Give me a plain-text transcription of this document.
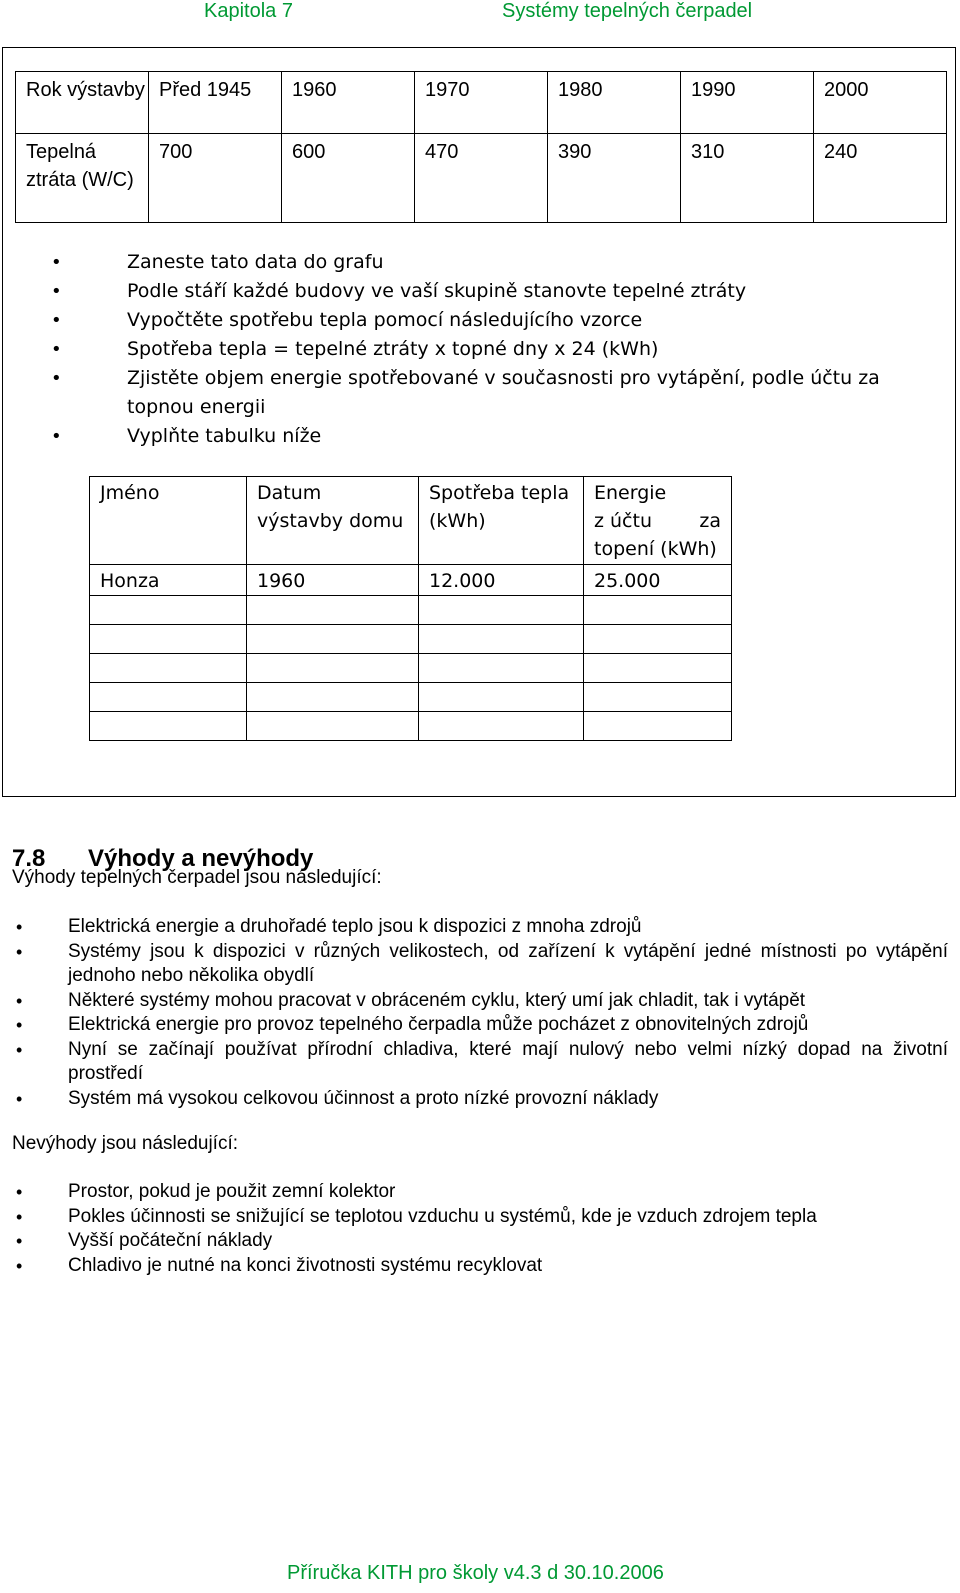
Kapitola 7	Systémy tepelných čerpadel
Rok výstavby	Před 1945	1960	1970	1980	1990	2000
Tepelná ztráta (W/C)	700	600	470	390	310	240
• Zaneste tato data do grafu
• Podle stáří každé budovy ve vaší skupině stanovte tepelné ztráty
• Vypočtěte spotřebu tepla pomocí následujícího vzorce
• Spotřeba tepla = tepelné ztráty x topné dny x 24 (kWh)
• Zjistěte objem energie spotřebované v současnosti pro vytápění, podle účtu za topnou energii
• Vyplňte tabulku níže
Jméno	Datum výstavby domu	Spotřeba tepla (kWh)	Energie
z účtu za
topení (kWh)

Honza	1960	12.000	25.000

7.8 Výhody a nevýhody
Výhody tepelných čerpadel jsou následující:
• Elektrická energie a druhořadé teplo jsou k dispozici z mnoha zdrojů
• Systémy jsou k dispozici v různých velikostech, od zařízení k vytápění jedné místnosti po vytápění jednoho nebo několika obydlí
• Některé systémy mohou pracovat v obráceném cyklu, který umí jak chladit, tak i vytápět
• Elektrická energie pro provoz tepelného čerpadla může pocházet z obnovitelných zdrojů
• Nyní se začínají používat přírodní chladiva, které mají nulový nebo velmi nízký dopad na životní prostředí
• Systém má vysokou celkovou účinnost a proto nízké provozní náklady
Nevýhody jsou následující:
• Prostor, pokud je použit zemní kolektor
• Pokles účinnosti se snižující se teplotou vzduchu u systémů, kde je vzduch zdrojem tepla
• Vyšší počáteční náklady
• Chladivo je nutné na konci životnosti systému recyklovat
Příručka KITH pro školy v4.3 d 30.10.2006
